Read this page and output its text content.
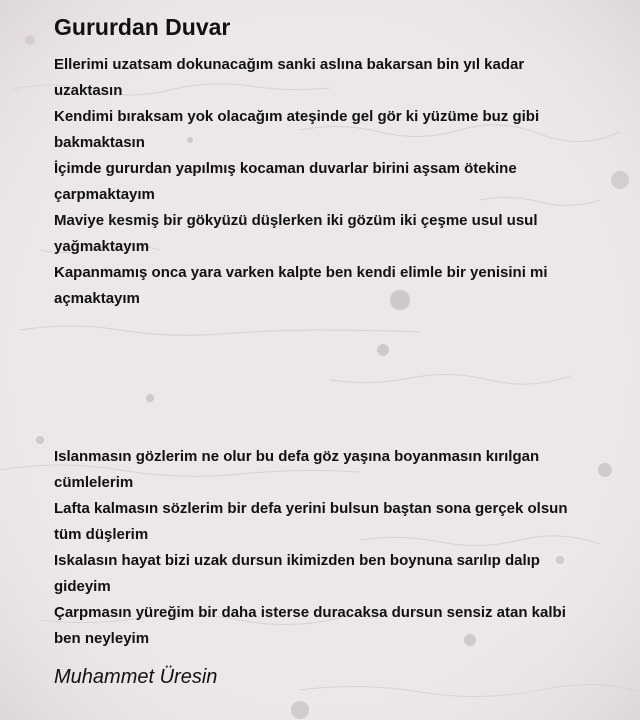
Gururdan Duvar
Ellerimi uzatsam dokunacağım sanki aslına bakarsan bin yıl kadar uzaktasın
Kendimi bıraksam yok olacağım ateşinde gel gör ki yüzüme buz gibi bakmaktasın
İçimde gururdan yapılmış kocaman duvarlar birini aşsam ötekine çarpmaktayım
Maviye kesmiş bir gökyüzü düşlerken iki gözüm iki çeşme usul usul yağmaktayım
Kapanmamış onca yara varken kalpte ben kendi elimle bir yenisini mi açmaktayım
Islanmasın gözlerim ne olur bu defa göz yaşına boyanmasın kırılgan cümlelerim
Lafta kalmasın sözlerim bir defa yerini bulsun baştan sona gerçek olsun tüm düşlerim
Iskalasın hayat bizi uzak dursun ikimizden ben boynuna sarılıp dalıp gideyim
Çarpmasın yüreğim bir daha isterse duracaksa dursun sensiz atan kalbi ben neyleyim
Muhammet Üresin
